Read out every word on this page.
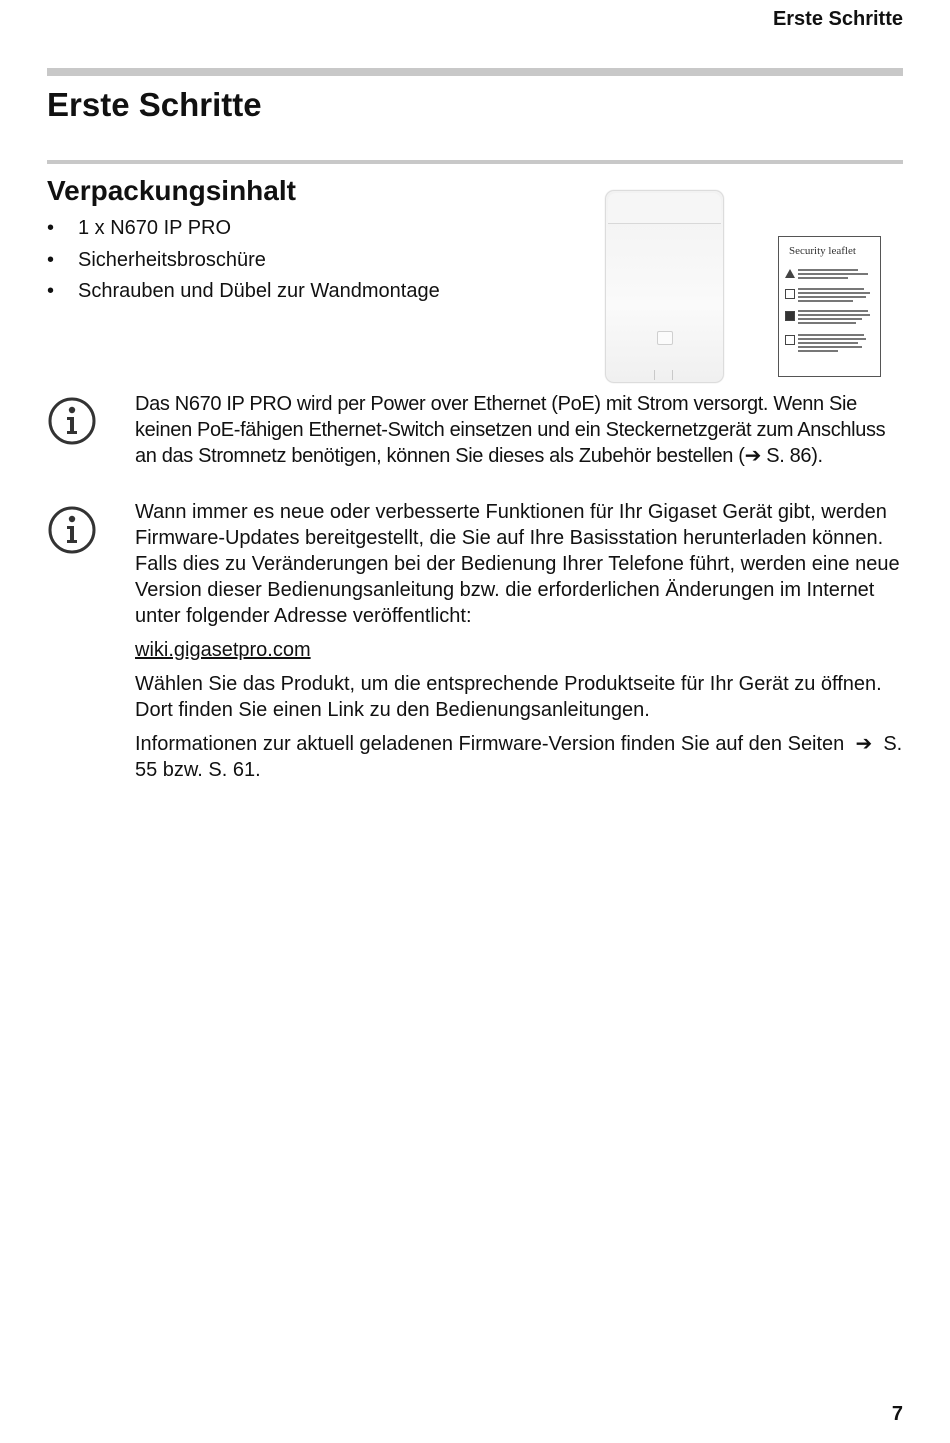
Erste Schritte
Erste Schritte
Verpackungsinhalt
• 1 x N670 IP PRO
• Sicherheitsbroschüre
• Schrauben und Dübel zur Wandmontage
Security leaflet

Das N670 IP PRO wird per Power over Ethernet (PoE) mit Strom versorgt. Wenn Sie keinen PoE-fähigen Ethernet-Switch einsetzen und ein Steckernetzgerät zum Anschluss an das Stromnetz benötigen, können Sie dieses als Zubehör bestellen (➔ S. 86).

Wann immer es neue oder verbesserte Funktionen für Ihr Gigaset Gerät gibt, werden Firmware-Updates bereitgestellt, die Sie auf Ihre Basisstation herunterladen können. Falls dies zu Veränderungen bei der Bedienung Ihrer Telefone führt, werden eine neue Version dieser Bedienungsanleitung bzw. die erforderlichen Änderungen im Internet unter folgender Adresse veröffentlicht:

wiki.gigasetpro.com

Wählen Sie das Produkt, um die entsprechende Produktseite für Ihr Gerät zu öffnen. Dort finden Sie einen Link zu den Bedienungsanleitungen.

Informationen zur aktuell geladenen Firmware-Version finden Sie auf den Seiten ➔ S. 55 bzw. S. 61.

7
